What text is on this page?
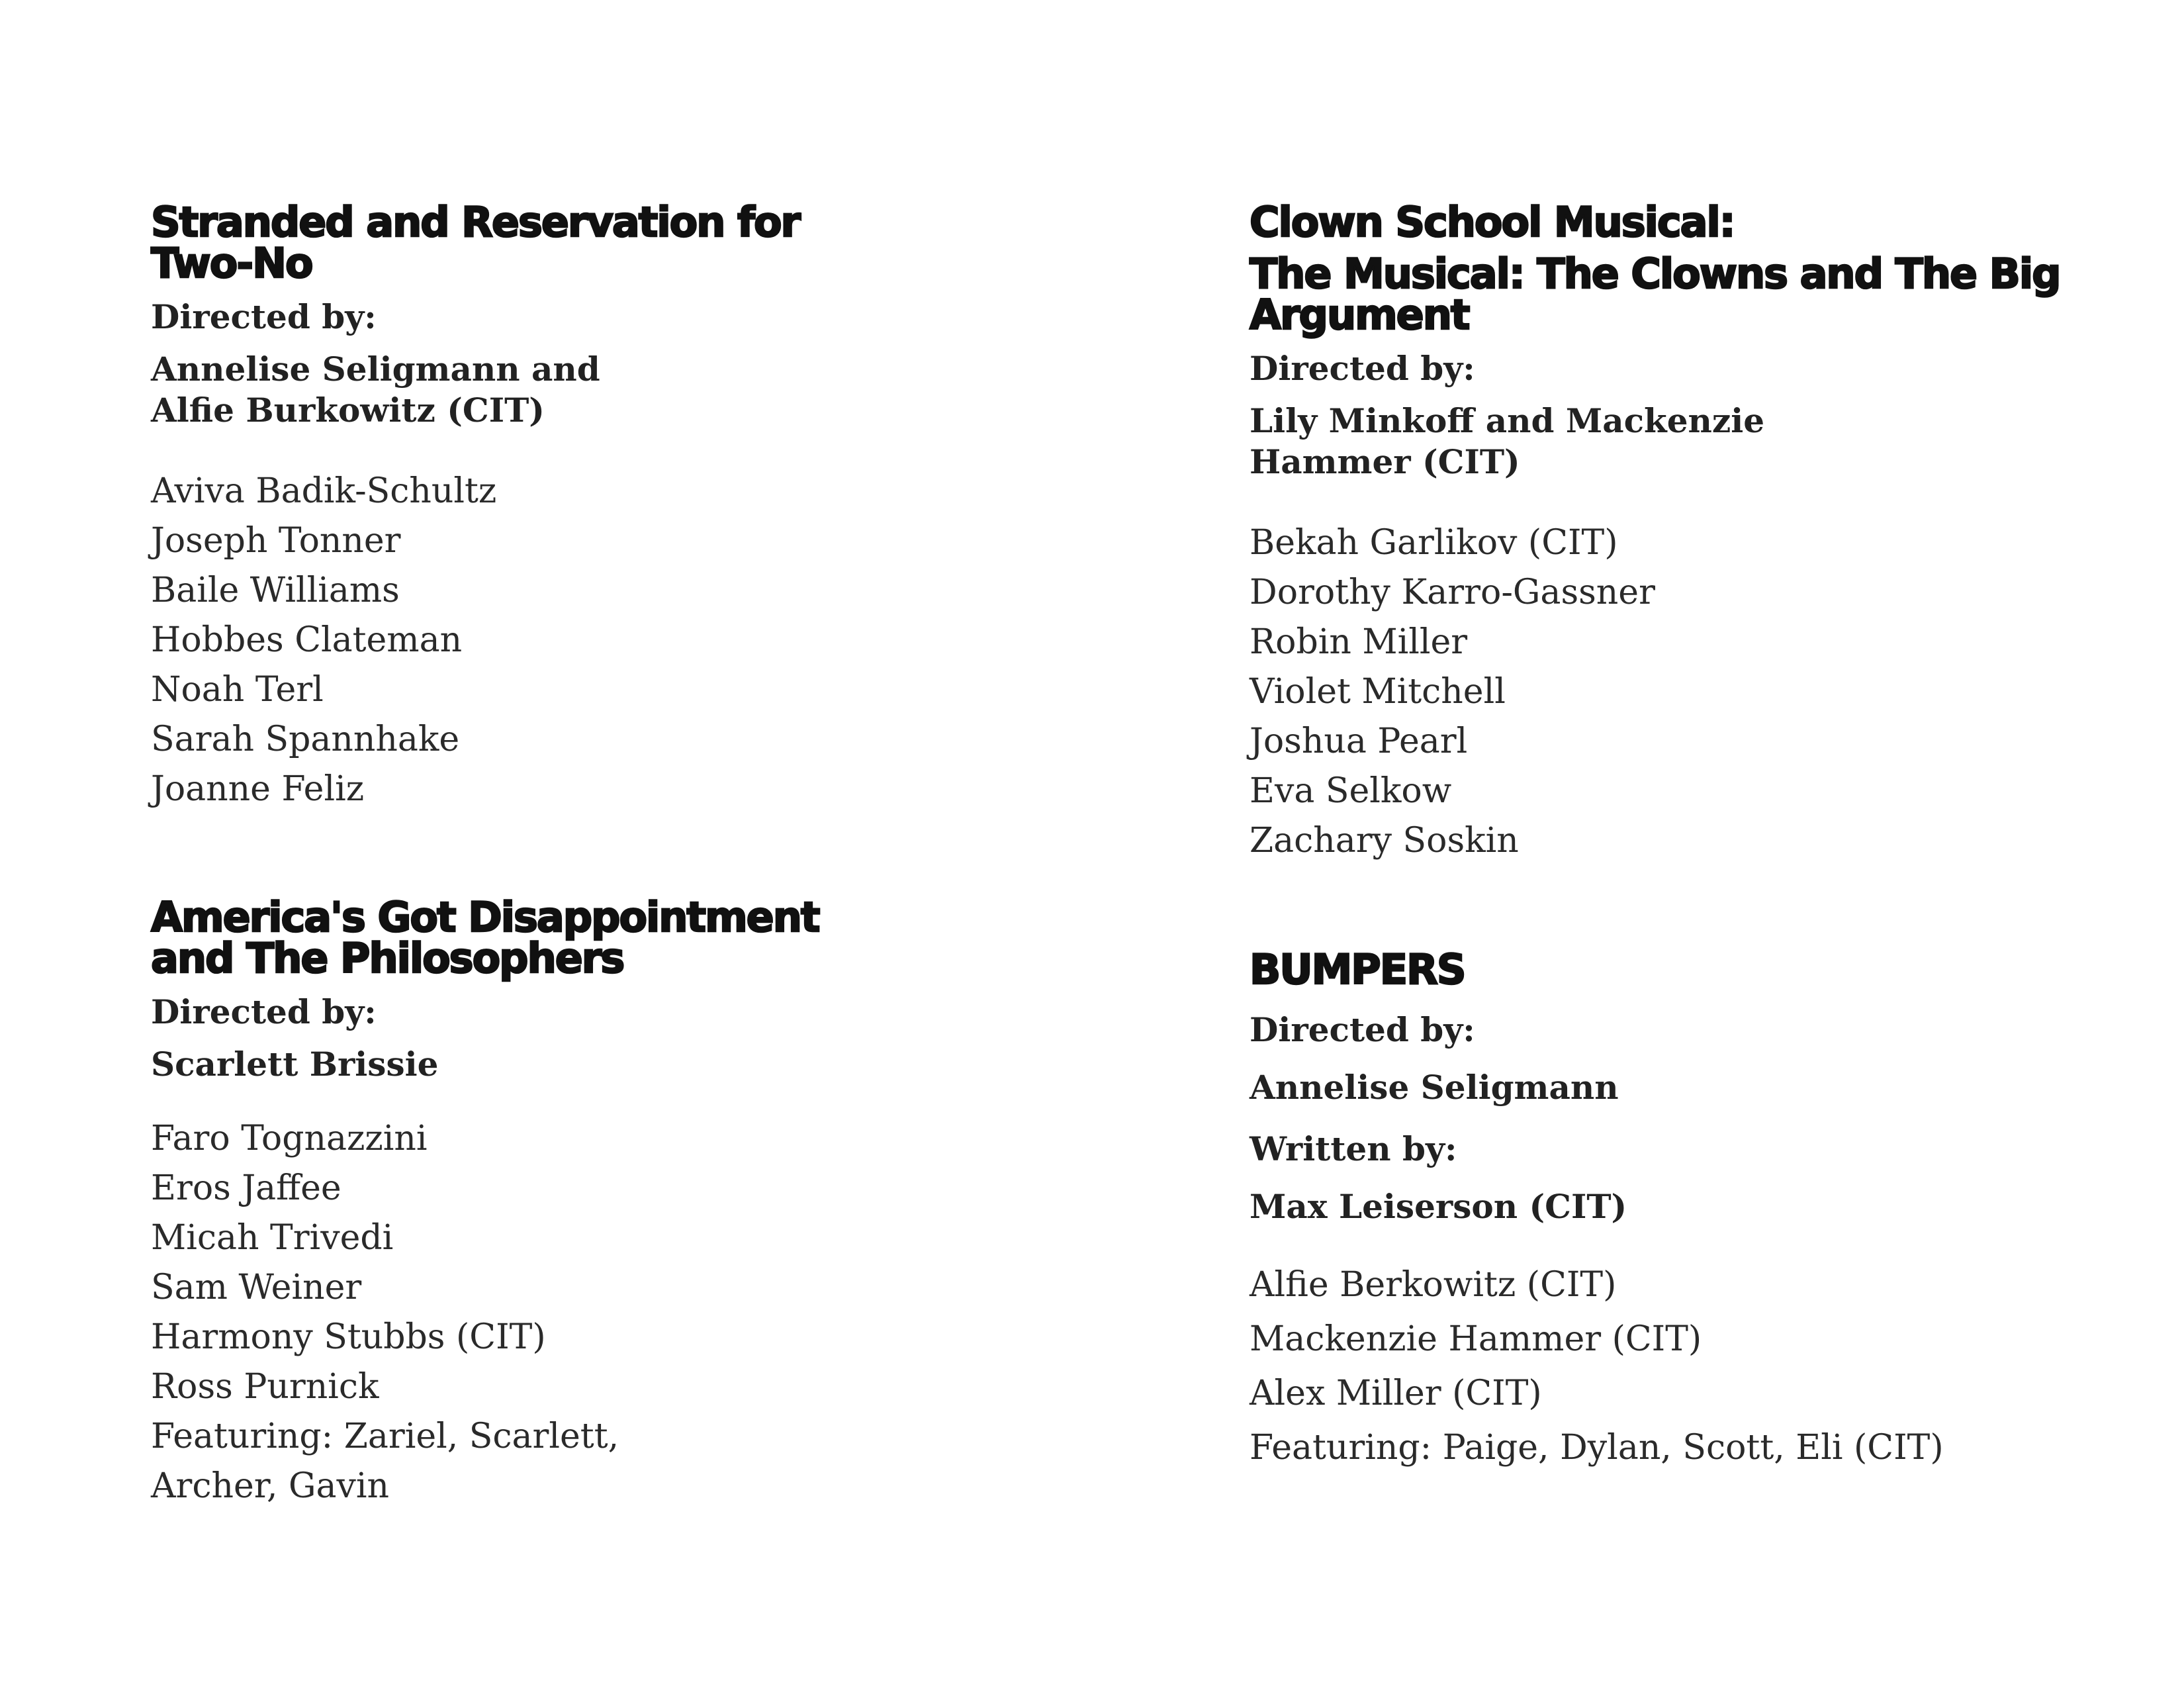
Stranded and Reservation for Two-No

Directed by:

Annelise Seligmann and Alfie Burkowitz (CIT)

Aviva Badik-Schultz
Joseph Tonner
Baile Williams
Hobbes Clateman
Noah Terl
Sarah Spannhake
Joanne Feliz
America's Got Disappointment and The Philosophers

Directed by:

Scarlett Brissie

Faro Tognazzini
Eros Jaffee
Micah Trivedi
Sam Weiner
Harmony Stubbs (CIT)
Ross Purnick
Featuring: Zariel, Scarlett, Archer, Gavin
Clown School Musical:
The Musical: The Clowns and The Big Argument

Directed by:

Lily Minkoff and Mackenzie Hammer (CIT)

Bekah Garlikov (CIT)
Dorothy Karro-Gassner
Robin Miller
Violet Mitchell
Joshua Pearl
Eva Selkow
Zachary Soskin
BUMPERS

Directed by:

Annelise Seligmann

Written by:

Max Leiserson (CIT)

Alfie Berkowitz (CIT)
Mackenzie Hammer (CIT)
Alex Miller (CIT)
Featuring: Paige, Dylan, Scott, Eli (CIT)
